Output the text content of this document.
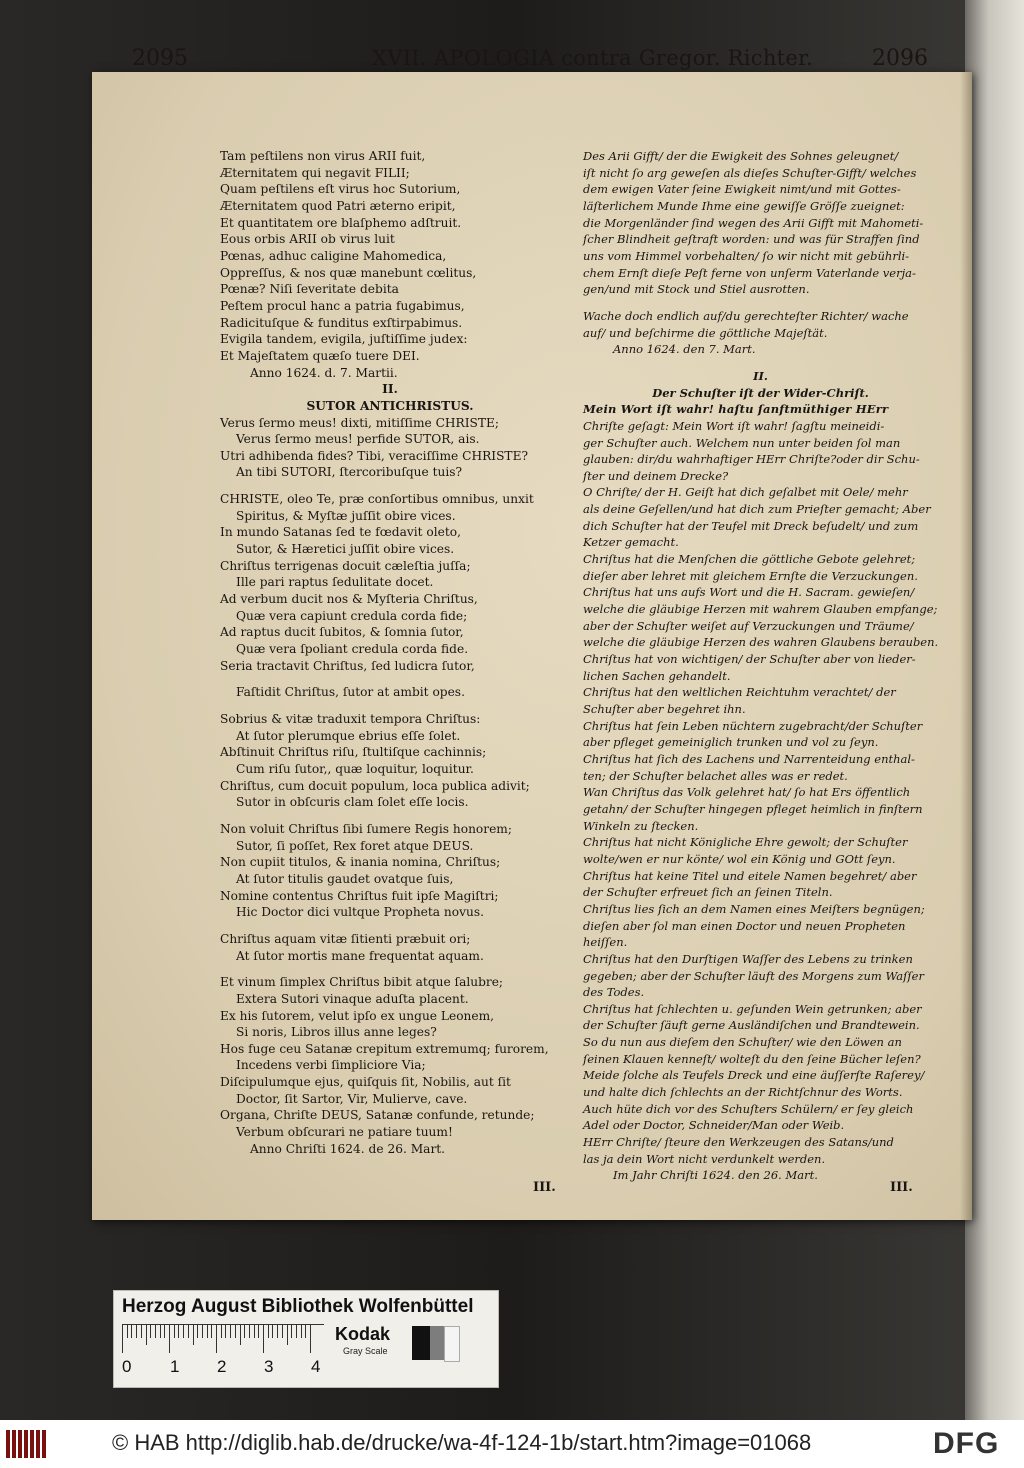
2095	XVII. APOLOGIA contra Gregor. Richter.	2096
Tam peſtilens non virus ARII fuit,
Æternitatem qui negavit FILII;
Quam peſtilens eſt virus hoc Sutorium,
Æternitatem quod Patri æterno eripit,
Et quantitatem ore blaſphemo adſtruit.
Eous orbis ARII ob virus luit
Pœnas, adhuc caligine Mahomedica,
Oppreſſus, & nos quæ manebunt cœlitus,
Pœnæ? Niſi ſeveritate debita
Peſtem procul hanc a patria fugabimus,
Radicituſque & funditus exſtirpabimus.
Evigila tandem, evigila, juſtiſſime judex:
Et Majeſtatem quæſo tuere DEI.
Anno 1624. d. 7. Martii.
II.
SUTOR ANTICHRISTUS.
Verus ſermo meus! dixti, mitiſſime CHRISTE;
Verus ſermo meus! perfide SUTOR, ais.
Utri adhibenda fides? Tibi, veraciſſime CHRISTE?
An tibi SUTORI, ſtercoribuſque tuis?
CHRISTE, oleo Te, præ conſortibus omnibus, unxit
Spiritus, & Myſtæ juſſit obire vices.
In mundo Satanas ſed te fœdavit oleto,
Sutor, & Hæretici juſſit obire vices.
Chriſtus terrigenas docuit cæleſtia juſſa;
Ille pari raptus ſedulitate docet.
Ad verbum ducit nos & Myſteria Chriſtus,
Quæ vera capiunt credula corda fide;
Ad raptus ducit ſubitos, & ſomnia ſutor,
Quæ vera ſpoliant credula corda fide.
Seria tractavit Chriſtus, ſed ludicra ſutor,
Faſtidit Chriſtus, ſutor at ambit opes.
Sobrius & vitæ traduxit tempora Chriſtus:
At ſutor plerumque ebrius eſſe ſolet.
Abſtinuit Chriſtus riſu, ſtultiſque cachinnis;
Cum riſu ſutor,, quæ loquitur, loquitur.
Chriſtus, cum docuit populum, loca publica adivit;
Sutor in obſcuris clam ſolet eſſe locis.
Non voluit Chriſtus ſibi ſumere Regis honorem;
Sutor, ſi poſſet, Rex foret atque DEUS.
Non cupiit titulos, & inania nomina, Chriſtus;
At ſutor titulis gaudet ovatque ſuis,
Nomine contentus Chriſtus fuit ipſe Magiſtri;
Hic Doctor dici vultque Propheta novus.
Chriſtus aquam vitæ ſitienti præbuit ori;
At ſutor mortis mane frequentat aquam.
Et vinum ſimplex Chriſtus bibit atque ſalubre;
Extera Sutori vinaque aduſta placent.
Ex his ſutorem, velut ipſo ex ungue Leonem,
Si noris, Libros illus anne leges?
Hos fuge ceu Satanæ crepitum extremumq; furorem,
Incedens verbi ſimpliciore Via;
Diſcipulumque ejus, quiſquis ſit, Nobilis, aut ſit
Doctor, ſit Sartor, Vir, Mulierve, cave.
Organa, Chriſte DEUS, Satanæ confunde, retunde;
Verbum obſcurari ne patiare tuum!
Anno Chriſti 1624. de 26. Mart.
Des Arii Gifft/ der die Ewigkeit des Sohnes geleugnet/
iſt nicht ſo arg geweſen als dieſes Schuſter-Gifft/ welches
dem ewigen Vater ſeine Ewigkeit nimt/und mit Gottes-
läſterlichem Munde Ihme eine gewiſſe Gröſſe zueignet:
die Morgenländer ſind wegen des Arii Gifft mit Mahometi-
ſcher Blindheit geſtraft worden: und was für Straffen ſind
uns vom Himmel vorbehalten/ ſo wir nicht mit gebührli-
chem Ernſt dieſe Peſt ferne von unſerm Vaterlande verja-
gen/und mit Stock und Stiel ausrotten.
Wache doch endlich auf/du gerechteſter Richter/ wache
auf/ und beſchirme die göttliche Majeſtät.
Anno 1624. den 7. Mart.
II.
Der Schuſter iſt der Wider-Chriſt.
Mein Wort iſt wahr! haſtu ſanftmüthiger HErr
Chriſte geſagt: Mein Wort iſt wahr! ſagſtu meineidi-
ger Schuſter auch. Welchem nun unter beiden ſol man
glauben: dir/du wahrhaftiger HErr Chriſte?oder dir Schu-
ſter und deinem Drecke?
O Chriſte/ der H. Geiſt hat dich geſalbet mit Oele/ mehr
als deine Geſellen/und hat dich zum Prieſter gemacht; Aber
dich Schuſter hat der Teufel mit Dreck beſudelt/ und zum
Ketzer gemacht.
Chriſtus hat die Menſchen die göttliche Gebote gelehret;
dieſer aber lehret mit gleichem Ernſte die Verzuckungen.
Chriſtus hat uns aufs Wort und die H. Sacram. gewieſen/
welche die gläubige Herzen mit wahrem Glauben empfange;
aber der Schuſter weiſet auf Verzuckungen und Träume/
welche die gläubige Herzen des wahren Glaubens berauben.
Chriſtus hat von wichtigen/ der Schuſter aber von lieder-
lichen Sachen gehandelt.
Chriſtus hat den weltlichen Reichtuhm verachtet/ der
Schuſter aber begehret ihn.
Chriſtus hat ſein Leben nüchtern zugebracht/der Schuſter
aber pfleget gemeiniglich trunken und vol zu ſeyn.
Chriſtus hat ſich des Lachens und Narrenteidung enthal-
ten; der Schuſter belachet alles was er redet.
Wan Chriſtus das Volk gelehret hat/ ſo hat Ers öffentlich
getahn/ der Schuſter hingegen pfleget heimlich in finſtern
Winkeln zu ſtecken.
Chriſtus hat nicht Königliche Ehre gewolt; der Schuſter
wolte/wen er nur könte/ wol ein König und GOtt ſeyn.
Chriſtus hat keine Titel und eitele Namen begehret/ aber
der Schuſter erfreuet ſich an ſeinen Titeln.
Chriſtus lies ſich an dem Namen eines Meiſters begnügen;
dieſen aber ſol man einen Doctor und neuen Propheten
heiſſen.
Chriſtus hat den Durſtigen Waſſer des Lebens zu trinken
gegeben; aber der Schuſter läuft des Morgens zum Waſſer
des Todes.
Chriſtus hat ſchlechten u. geſunden Wein getrunken; aber
der Schuſter ſäuft gerne Ausländiſchen und Brandtewein.
So du nun aus dieſem den Schuſter/ wie den Löwen an
ſeinen Klauen kenneſt/ wolteſt du den ſeine Bücher leſen?
Meide ſolche als Teufels Dreck und eine äuſſerſte Raſerey/
und halte dich ſchlechts an der Richtſchnur des Worts.
Auch hüte dich vor des Schuſters Schülern/ er ſey gleich
Adel oder Doctor, Schneider/Man oder Weib.
HErr Chriſte/ ſteure den Werkzeugen des Satans/und
las ja dein Wort nicht verdunkelt werden.
Im Jahr Chriſti 1624. den 26. Mart.
III.	III.
Herzog August Bibliothek Wolfenbüttel
0 1 2 3 4
Kodak
Gray Scale
© HAB http://diglib.hab.de/drucke/wa-4f-124-1b/start.htm?image=01068	DFG
